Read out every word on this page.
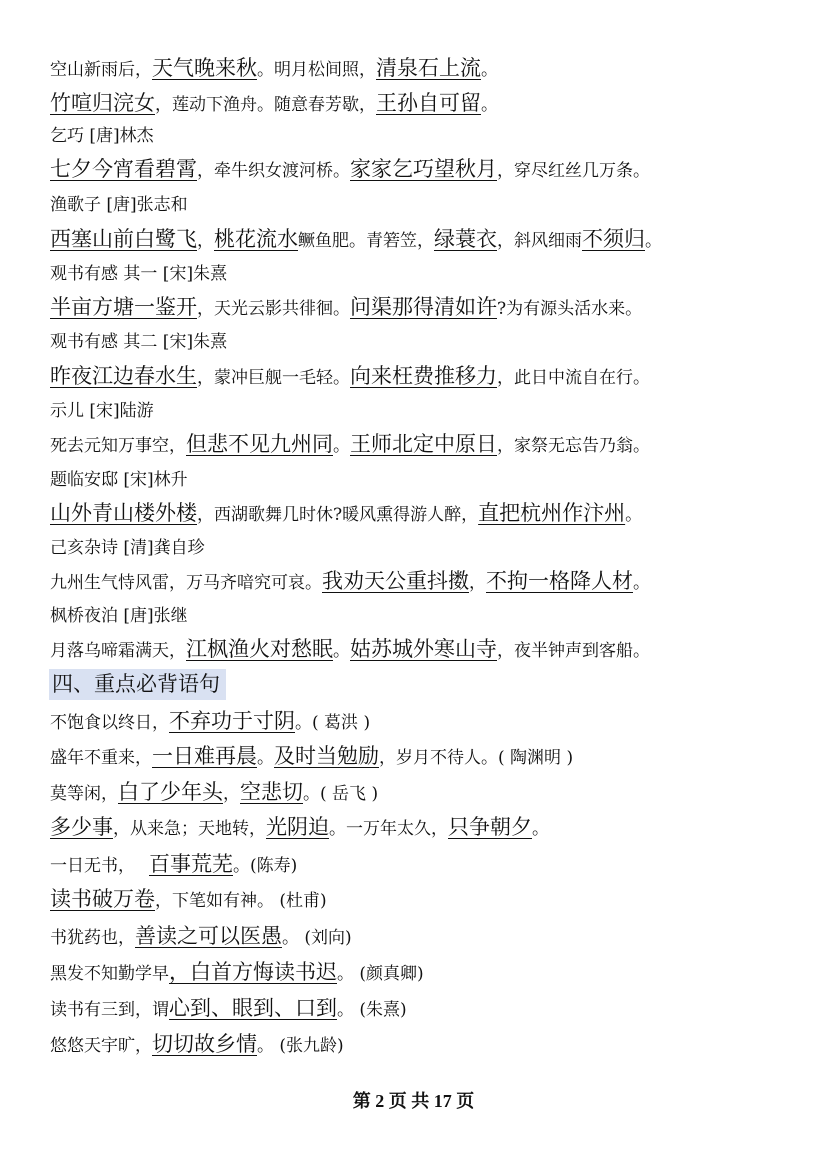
空山新雨后，天气晚来秋。明月松间照，清泉石上流。
竹喧归浣女，莲动下渔舟。随意春芳歇，王孙自可留。
乞巧 [唐]林杰
七夕今宵看碧霄，牵牛织女渡河桥。家家乞巧望秋月，穿尽红丝几万条。
渔歌子 [唐]张志和
西塞山前白鹭飞，桃花流水鳜鱼肥。青箬笠，绿蓑衣，斜风细雨不须归。
观书有感 其一 [宋]朱熹
半亩方塘一鉴开，天光云影共徘徊。问渠那得清如许?为有源头活水来。
观书有感 其二 [宋]朱熹
昨夜江边春水生，蒙冲巨舰一毛轻。向来枉费推移力，此日中流自在行。
示儿 [宋]陆游
死去元知万事空，但悲不见九州同。王师北定中原日，家祭无忘告乃翁。
题临安邸 [宋]林升
山外青山楼外楼，西湖歌舞几时休?暖风熏得游人醉，直把杭州作汴州。
己亥杂诗 [清]龚自珍
九州生气恃风雷，万马齐喑究可哀。我劝天公重抖擞，不拘一格降人材。
枫桥夜泊 [唐]张继
月落乌啼霜满天，江枫渔火对愁眠。姑苏城外寒山寺，夜半钟声到客船。
四、重点必背语句
不饱食以终日，不弃功于寸阴。( 葛洪 )
盛年不重来，一日难再晨。及时当勉励，岁月不待人。( 陶渊明 )
莫等闲，白了少年头，空悲切。( 岳飞 )
多少事，从来急；天地转，光阴迫。一万年太久，只争朝夕。
一日无书， 百事荒芜。(陈寿)
读书破万卷，下笔如有神。 (杜甫)
书犹药也，善读之可以医愚。 (刘向)
黑发不知勤学早，白首方悔读书迟。 (颜真卿)
读书有三到，谓心到、眼到、口到。 (朱熹)
悠悠天宇旷，切切故乡情。 (张九龄)
第 2 页 共 17 页
